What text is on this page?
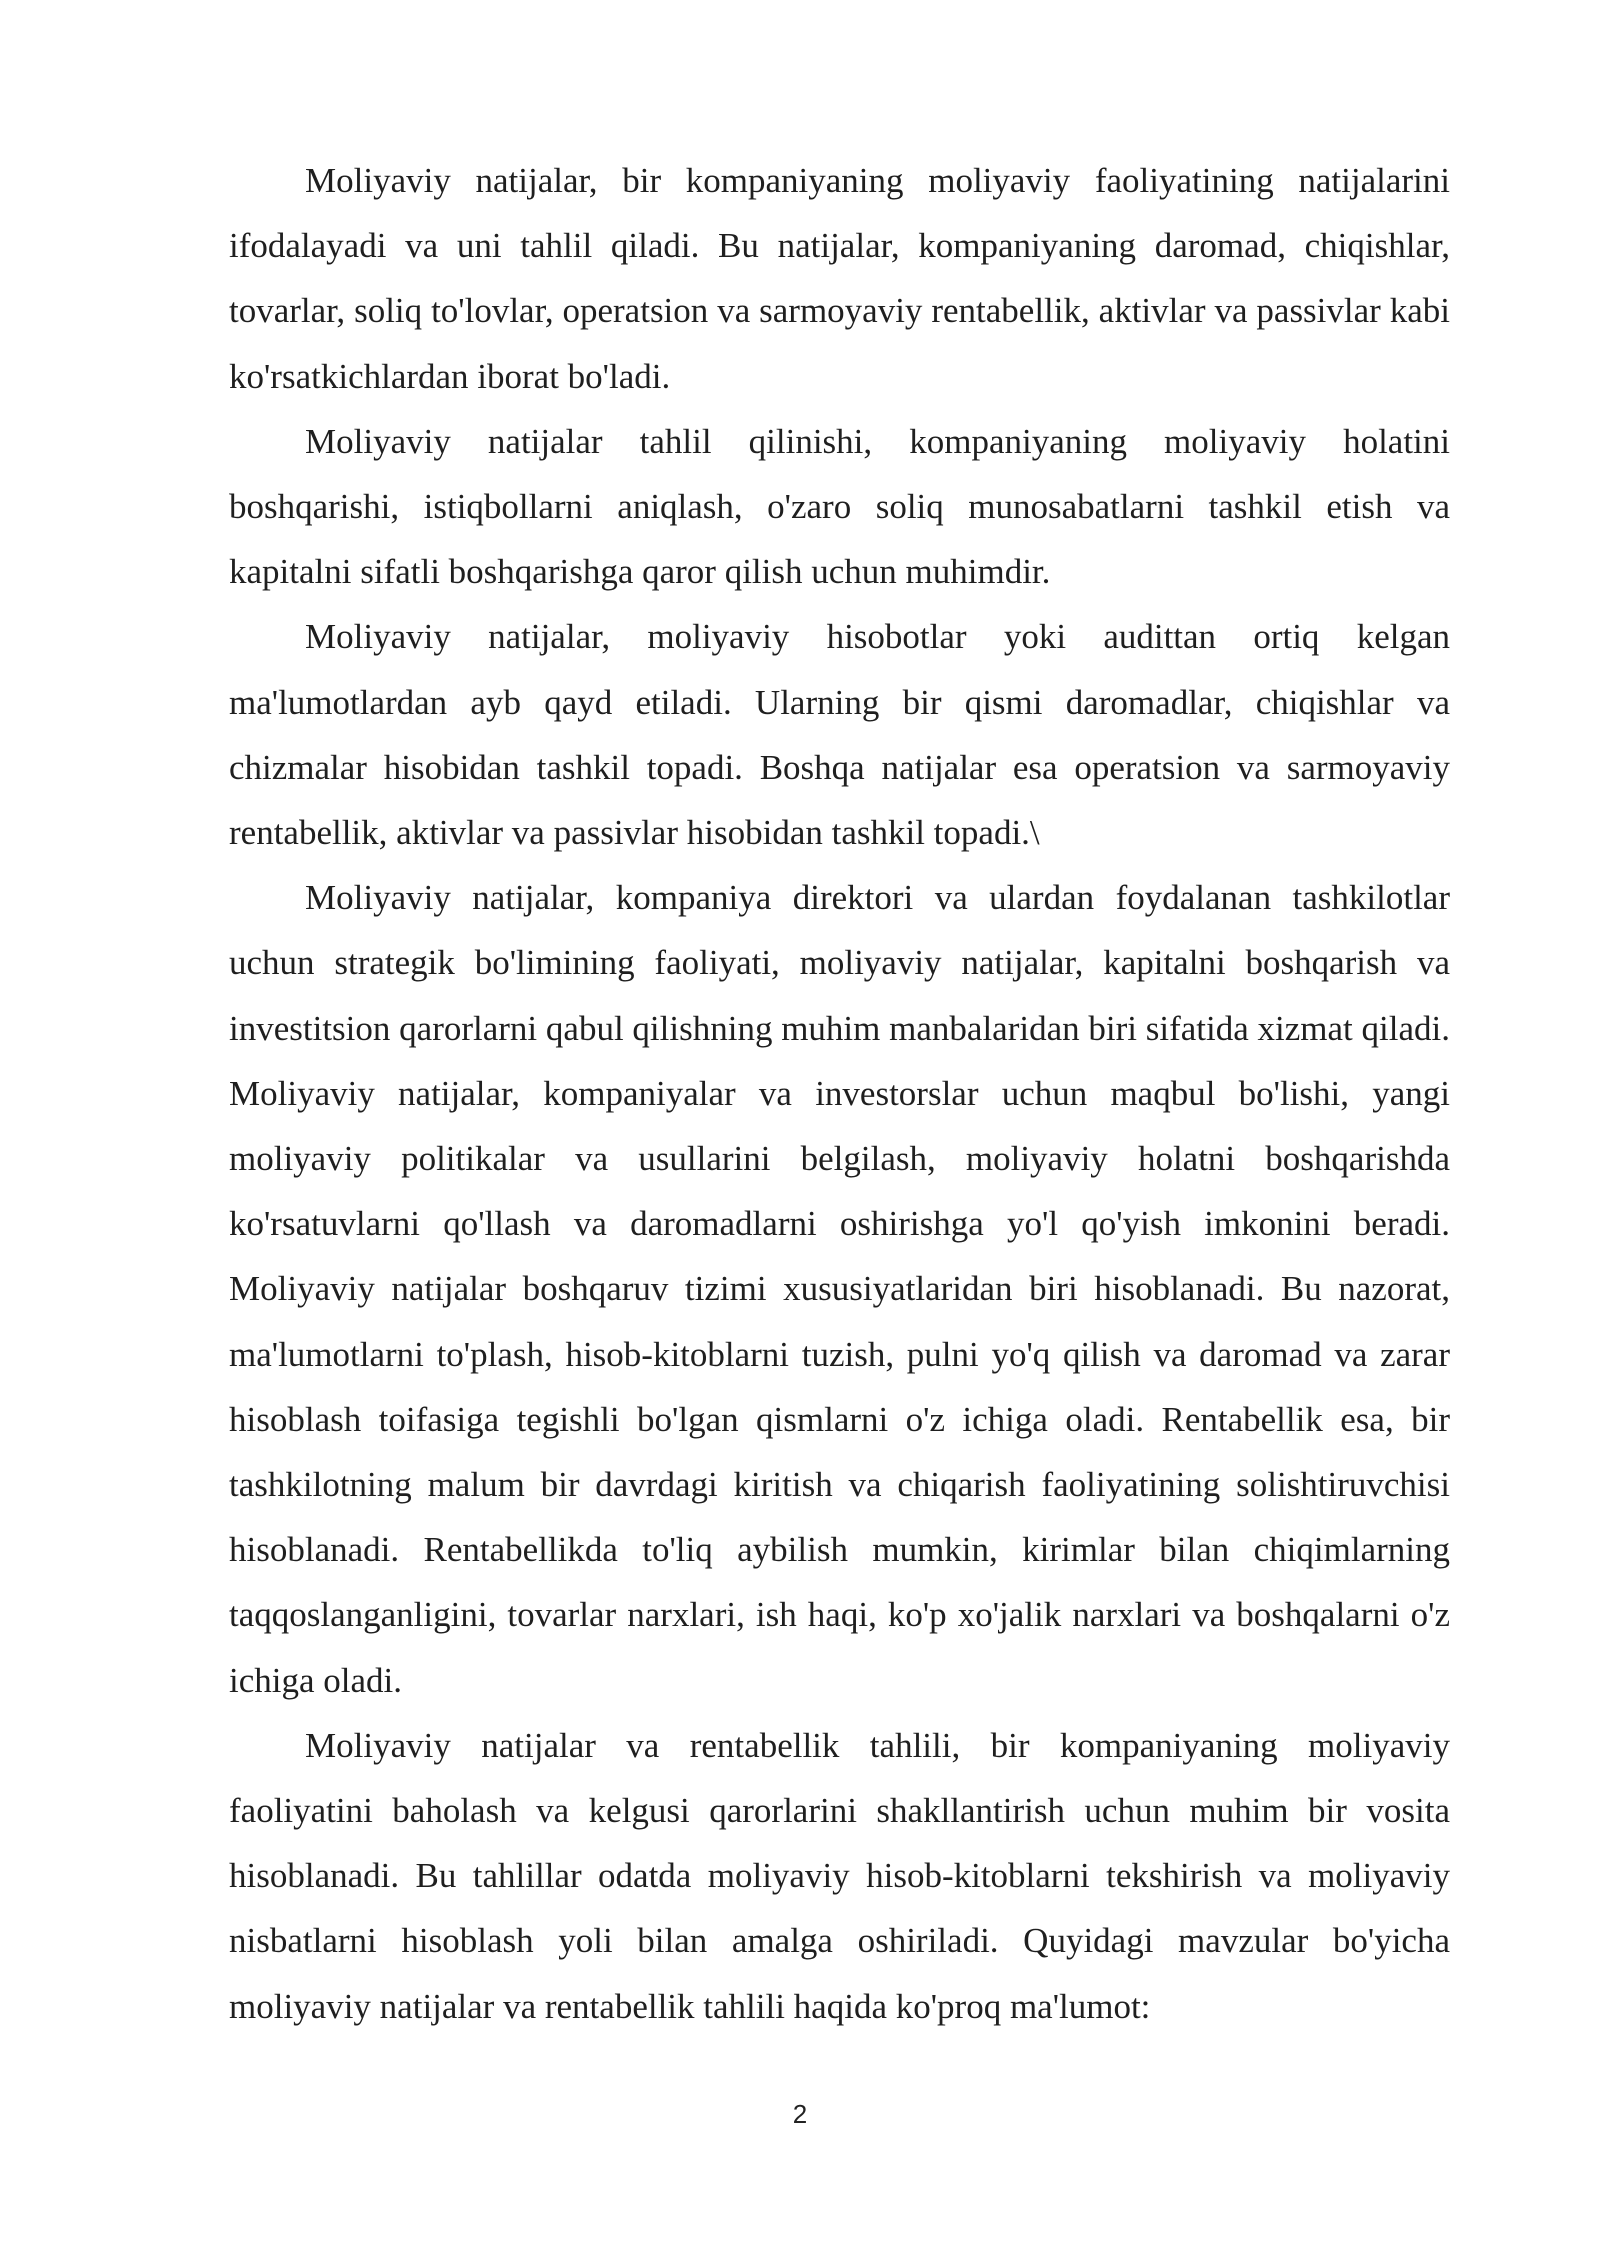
Moliyaviy natijalar, bir kompaniyaning moliyaviy faoliyatining natijalarini ifodalayadi va uni tahlil qiladi. Bu natijalar, kompaniyaning daromad, chiqishlar, tovarlar, soliq to'lovlar, operatsion va sarmoyaviy rentabellik, aktivlar va passivlar kabi ko'rsatkichlardan iborat bo'ladi.

Moliyaviy natijalar tahlil qilinishi, kompaniyaning moliyaviy holatini boshqarishi, istiqbollarni aniqlash, o'zaro soliq munosabatlarni tashkil etish va kapitalni sifatli boshqarishga qaror qilish uchun muhimdir.

Moliyaviy natijalar, moliyaviy hisobotlar yoki audittan ortiq kelgan ma'lumotlardan ayb qayd etiladi. Ularning bir qismi daromadlar, chiqishlar va chizmalar hisobidan tashkil topadi. Boshqa natijalar esa operatsion va sarmoyaviy rentabellik, aktivlar va passivlar hisobidan tashkil topadi.\

Moliyaviy natijalar, kompaniya direktori va ulardan foydalanan tashkilotlar uchun strategik bo'limining faoliyati, moliyaviy natijalar, kapitalni boshqarish va investitsion qarorlarni qabul qilishning muhim manbalaridan biri sifatida xizmat qiladi. Moliyaviy natijalar, kompaniyalar va investorslar uchun maqbul bo'lishi, yangi moliyaviy politikalar va usullarini belgilash, moliyaviy holatni boshqarishda ko'rsatuvlarni qo'llash va daromadlarni oshirishga yo'l qo'yish imkonini beradi. Moliyaviy natijalar boshqaruv tizimi xususiyatlaridan biri hisoblanadi. Bu nazorat, ma'lumotlarni to'plash, hisob-kitoblarni tuzish, pulni yo'q qilish va daromad va zarar hisoblash toifasiga tegishli bo'lgan qismlarni o'z ichiga oladi. Rentabellik esa, bir tashkilotning malum bir davrdagi kiritish va chiqarish faoliyatining solishtiruvchisi hisoblanadi. Rentabellikda to'liq aybilish mumkin, kirimlar bilan chiqimlarning taqqoslanganligini, tovarlar narxlari, ish haqi, ko'p xo'jalik narxlari va boshqalarni o'z ichiga oladi.

Moliyaviy natijalar va rentabellik tahlili, bir kompaniyaning moliyaviy faoliyatini baholash va kelgusi qarorlarini shakllantirish uchun muhim bir vosita hisoblanadi. Bu tahlillar odatda moliyaviy hisob-kitoblarni tekshirish va moliyaviy nisbatlarni hisoblash yoli bilan amalga oshiriladi. Quyidagi mavzular bo'yicha moliyaviy natijalar va rentabellik tahlili haqida ko'proq ma'lumot:

2
